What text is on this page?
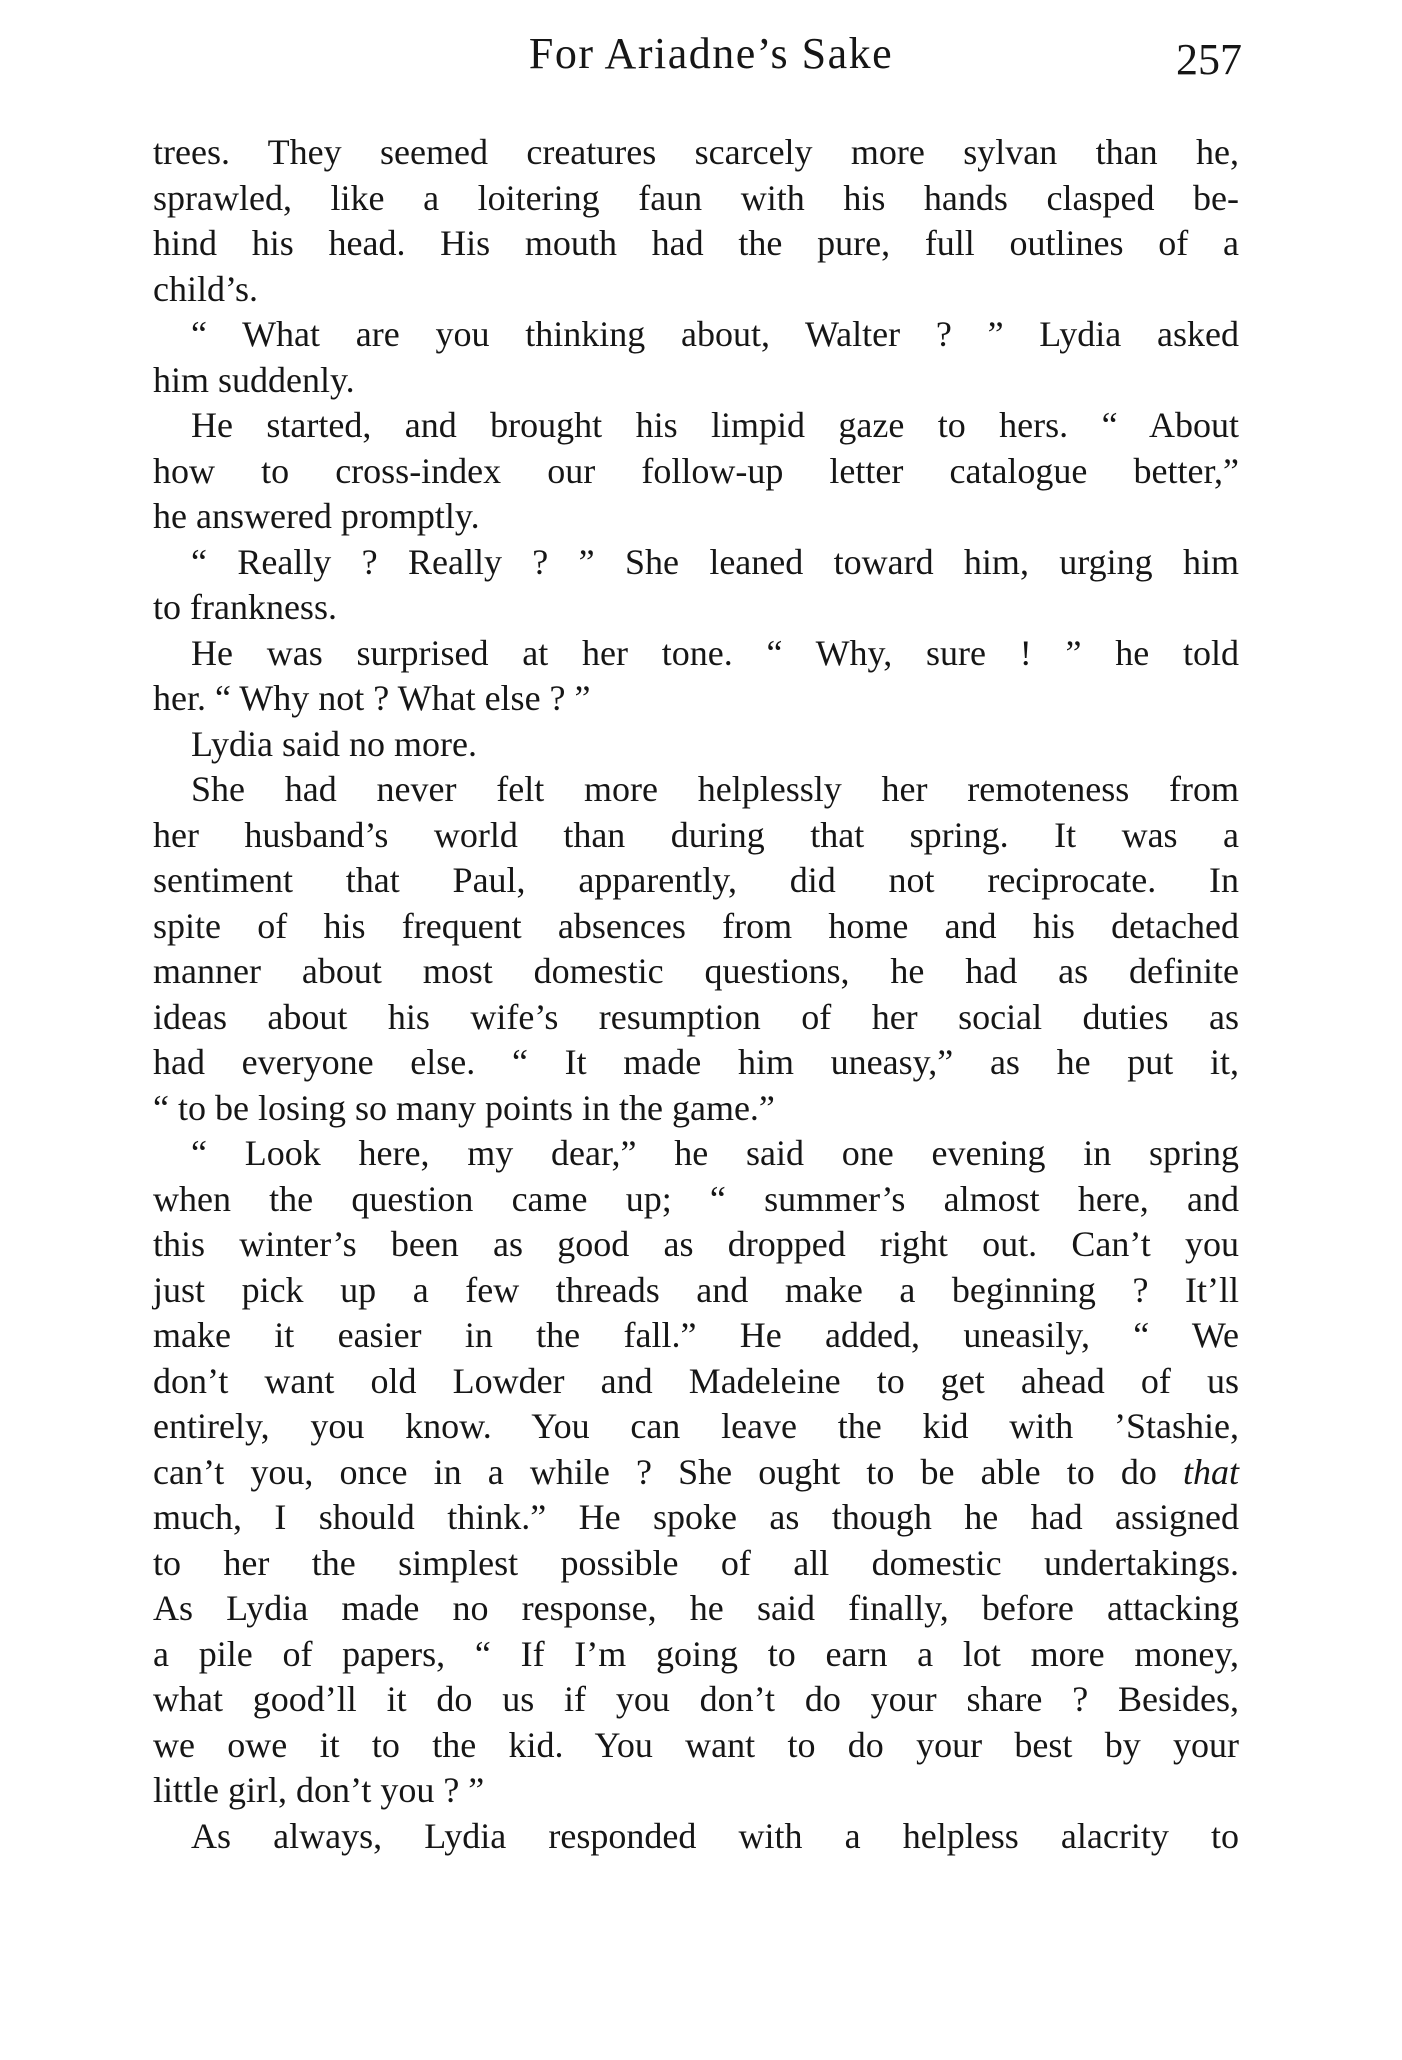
For Ariadne’s Sake	257
trees. They seemed creatures scarcely more sylvan than he,
sprawled, like a loitering faun with his hands clasped be-
hind his head. His mouth had the pure, full outlines of a
child’s.
“ What are you thinking about, Walter ? ” Lydia asked
him suddenly.
He started, and brought his limpid gaze to hers. “ About
how to cross-index our follow-up letter catalogue better,”
he answered promptly.
“ Really ? Really ? ” She leaned toward him, urging him
to frankness.
He was surprised at her tone. “ Why, sure ! ” he told
her. “ Why not ? What else ? ”
Lydia said no more.
She had never felt more helplessly her remoteness from
her husband’s world than during that spring. It was a
sentiment that Paul, apparently, did not reciprocate. In
spite of his frequent absences from home and his detached
manner about most domestic questions, he had as definite
ideas about his wife’s resumption of her social duties as
had everyone else. “ It made him uneasy,” as he put it,
“ to be losing so many points in the game.”
“ Look here, my dear,” he said one evening in spring
when the question came up; “ summer’s almost here, and
this winter’s been as good as dropped right out. Can’t you
just pick up a few threads and make a beginning ? It’ll
make it easier in the fall.” He added, uneasily, “ We
don’t want old Lowder and Madeleine to get ahead of us
entirely, you know. You can leave the kid with ’Stashie,
can’t you, once in a while ? She ought to be able to do that
much, I should think.” He spoke as though he had assigned
to her the simplest possible of all domestic undertakings.
As Lydia made no response, he said finally, before attacking
a pile of papers, “ If I’m going to earn a lot more money,
what good’ll it do us if you don’t do your share ? Besides,
we owe it to the kid. You want to do your best by your
little girl, don’t you ? ”
As always, Lydia responded with a helpless alacrity to
